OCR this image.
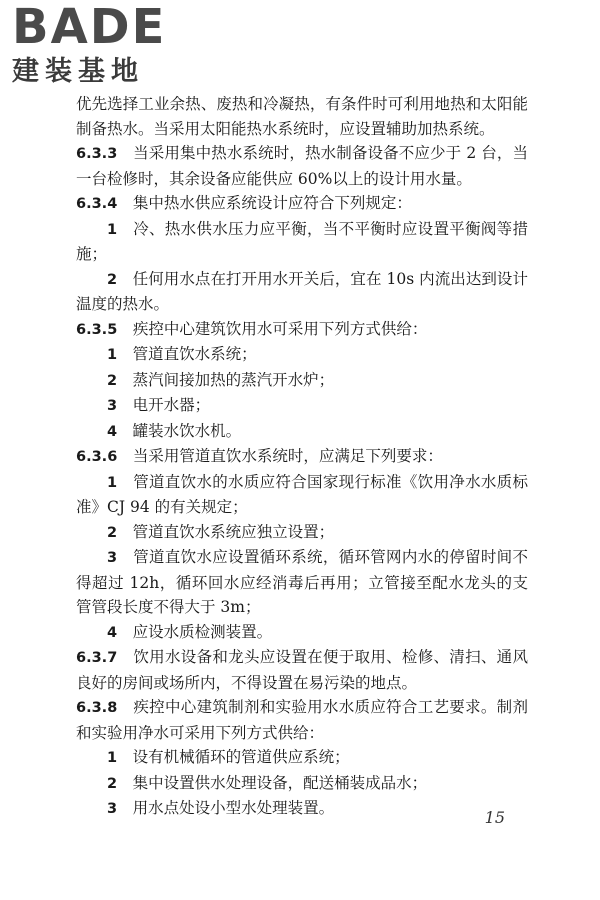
BADE
建装基地

优先选择工业余热、废热和冷凝热，有条件时可利用地热和太阳能制备热水。当采用太阳能热水系统时，应设置辅助加热系统。

6.3.3　 当采用集中热水系统时，热水制备设备不应少于 2 台，当一台检修时，其余设备应能供应 60%以上的设计用水量。

6.3.4　 集中热水供应系统设计应符合下列规定：

1　 冷、热水供水压力应平衡，当不平衡时应设置平衡阀等措施；

2　 任何用水点在打开用水开关后，宜在 10s 内流出达到设计温度的热水。

6.3.5　 疾控中心建筑饮用水可采用下列方式供给：

1　 管道直饮水系统；

2　 蒸汽间接加热的蒸汽开水炉；

3　 电开水器；

4　 罐装水饮水机。

6.3.6　 当采用管道直饮水系统时，应满足下列要求：

1　 管道直饮水的水质应符合国家现行标准《饮用净水水质标准》CJ 94 的有关规定；

2　 管道直饮水系统应独立设置；

3　 管道直饮水应设置循环系统，循环管网内水的停留时间不得超过 12h，循环回水应经消毒后再用；立管接至配水龙头的支管管段长度不得大于 3m；

4　 应设水质检测装置。

6.3.7　 饮用水设备和龙头应设置在便于取用、检修、清扫、通风良好的房间或场所内，不得设置在易污染的地点。

6.3.8　 疾控中心建筑制剂和实验用水水质应符合工艺要求。制剂和实验用净水可采用下列方式供给：

1　 设有机械循环的管道供应系统；

2　 集中设置供水处理设备，配送桶装成品水；

3　 用水点处设小型水处理装置。	15
